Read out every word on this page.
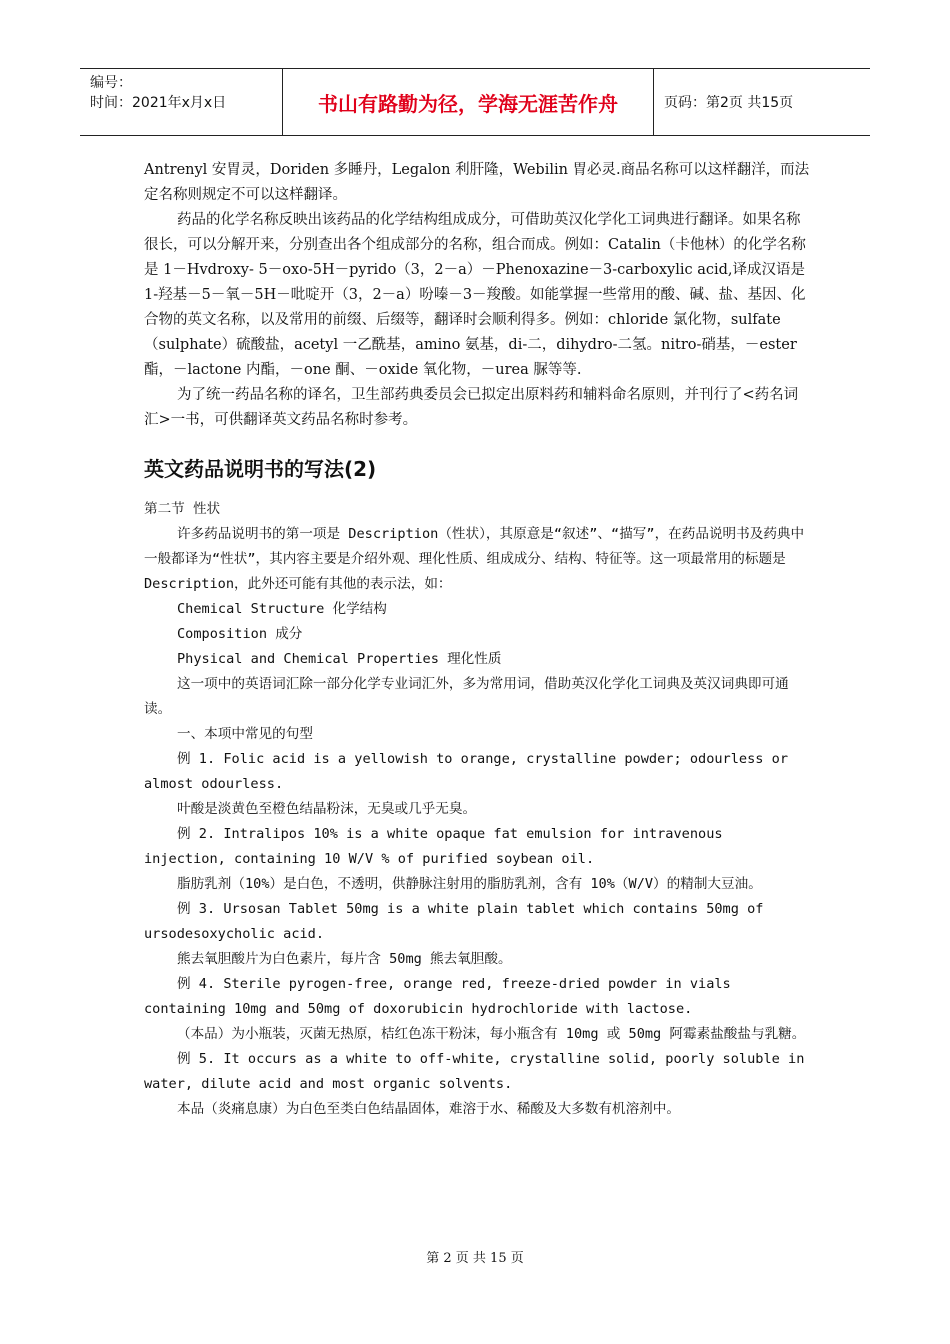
编号：
时间：2021年x月x日	书山有路勤为径，学海无涯苦作舟	页码：第2页 共15页

Antrenyl 安胃灵，Doriden 多睡丹，Legalon 利肝隆，Webilin 胃必灵.商品名称可以这样翻洋，而法定名称则规定不可以这样翻译。

药品的化学名称反映出该药品的化学结构组成成分，可借助英汉化学化工词典进行翻译。如果名称很长，可以分解开来，分别查出各个组成部分的名称，组合而成。例如：Catalin（卡他林）的化学名称是 1－Hvdroxy- 5－oxo-5H－pyrido（3，2－a）－Phenoxazine－3-carboxylic acid,译成汉语是 1-羟基－5－氧－5H－吡啶开（3，2－a）吩嗪－3－羧酸。如能掌握一些常用的酸、碱、盐、基因、化合物的英文名称，以及常用的前缀、后缀等，翻译时会顺利得多。例如：chloride 氯化物，sulfate（sulphate）硫酸盐，acetyl 一乙酰基，amino 氨基，di-二，dihydro-二氢。nitro-硝基，－ester 酯，－lactone 内酯，－one 酮、－oxide 氧化物，－urea 脲等等.

为了统一药品名称的译名，卫生部药典委员会已拟定出原料药和辅料命名原则，并刊行了<药名词汇>一书，可供翻译英文药品名称时参考。

英文药品说明书的写法(2)

第二节 性状

许多药品说明书的第一项是 Description（性状），其原意是“叙述”、“描写”，在药品说明书及药典中一般都译为“性状”，其内容主要是介绍外观、理化性质、组成成分、结构、特征等。这一项最常用的标题是 Description，此外还可能有其他的表示法，如：

Chemical Structure 化学结构

Composition 成分

Physical and Chemical Properties 理化性质

这一项中的英语词汇除一部分化学专业词汇外，多为常用词，借助英汉化学化工词典及英汉词典即可通读。

一、本项中常见的句型

例 1. Folic acid is a yellowish to orange, crystalline powder; odourless or almost odourless.

叶酸是淡黄色至橙色结晶粉沫，无臭或几乎无臭。

例 2. Intralipos 10% is a white opaque fat emulsion for intravenous injection, containing 10 W/V % of purified soybean oil.

脂肪乳剂（10%）是白色，不透明，供静脉注射用的脂肪乳剂，含有 10%（W/V）的精制大豆油。

例 3. Ursosan Tablet 50mg is a white plain tablet which contains 50mg of ursodesoxycholic acid.

熊去氧胆酸片为白色素片，每片含 50mg 熊去氧胆酸。

例 4. Sterile pyrogen-free, orange red, freeze-dried powder in vials containing 10mg and 50mg of doxorubicin hydrochloride with lactose.

（本品）为小瓶装，灭菌无热原，桔红色冻干粉沫，每小瓶含有 10mg 或 50mg 阿霉素盐酸盐与乳糖。

例 5. It occurs as a white to off-white, crystalline solid, poorly soluble in water, dilute acid and most organic solvents.

本品（炎痛息康）为白色至类白色结晶固体，难溶于水、稀酸及大多数有机溶剂中。

第 2 页 共 15 页
